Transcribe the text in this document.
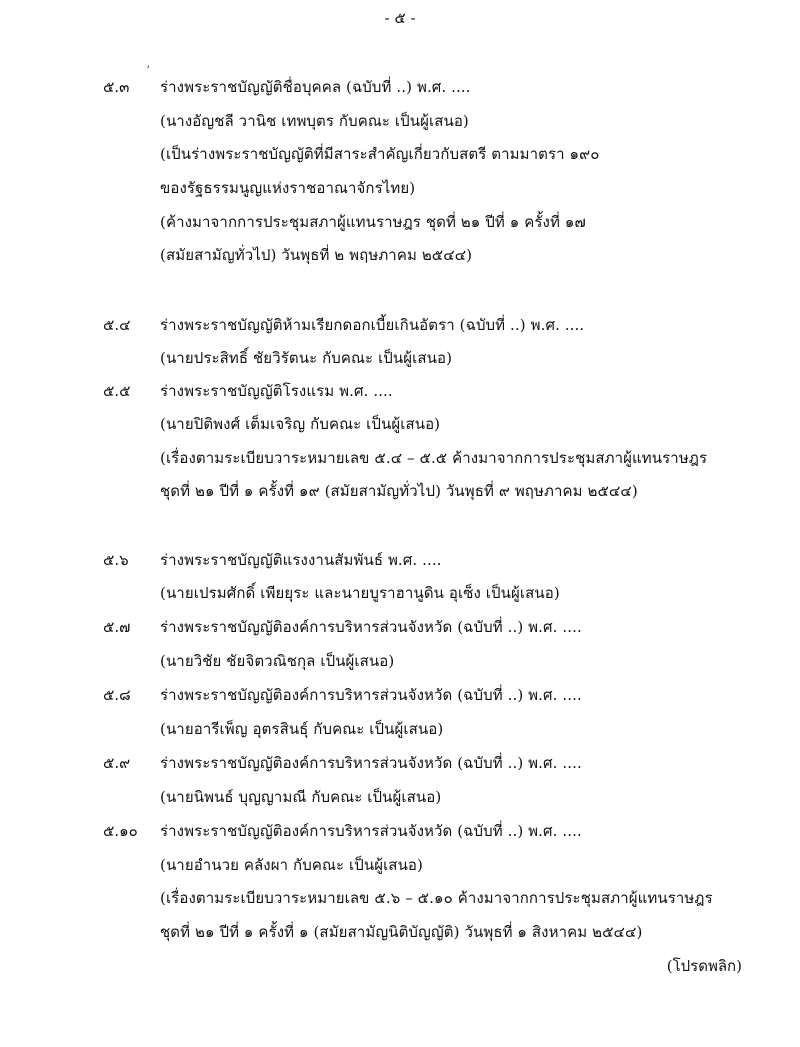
- ๕ -
ʼ
๕.๓ ร่างพระราชบัญญัติชื่อบุคคล (ฉบับที่ ..) พ.ศ. ....
(นางอัญชลี วานิช เทพบุตร กับคณะ เป็นผู้เสนอ)
(เป็นร่างพระราชบัญญัติที่มีสาระสำคัญเกี่ยวกับสตรี ตามมาตรา ๑๙๐
ของรัฐธรรมนูญแห่งราชอาณาจักรไทย)
(ค้างมาจากการประชุมสภาผู้แทนราษฎร ชุดที่ ๒๑ ปีที่ ๑ ครั้งที่ ๑๗
(สมัยสามัญทั่วไป) วันพุธที่ ๒ พฤษภาคม ๒๕๔๔)
๕.๔ ร่างพระราชบัญญัติห้ามเรียกดอกเบี้ยเกินอัตรา (ฉบับที่ ..) พ.ศ. ....
(นายประสิทธิ์ ชัยวิรัตนะ กับคณะ เป็นผู้เสนอ)
๕.๕ ร่างพระราชบัญญัติโรงแรม พ.ศ. ....
(นายปิติพงศ์ เต็มเจริญ กับคณะ เป็นผู้เสนอ)
(เรื่องตามระเบียบวาระหมายเลข ๕.๔ – ๕.๕ ค้างมาจากการประชุมสภาผู้แทนราษฎร
ชุดที่ ๒๑ ปีที่ ๑ ครั้งที่ ๑๙ (สมัยสามัญทั่วไป) วันพุธที่ ๙ พฤษภาคม ๒๕๔๔)
๕.๖ ร่างพระราชบัญญัติแรงงานสัมพันธ์ พ.ศ. ....
(นายเปรมศักดิ์ เพียยุระ และนายบูราฮานูดิน อุเซ็ง เป็นผู้เสนอ)
๕.๗ ร่างพระราชบัญญัติองค์การบริหารส่วนจังหวัด (ฉบับที่ ..) พ.ศ. ....
(นายวิชัย ชัยจิตวณิชกุล เป็นผู้เสนอ)
๕.๘ ร่างพระราชบัญญัติองค์การบริหารส่วนจังหวัด (ฉบับที่ ..) พ.ศ. ....
(นายอารีเพ็ญ อุตรสินธุ์ กับคณะ เป็นผู้เสนอ)
๕.๙ ร่างพระราชบัญญัติองค์การบริหารส่วนจังหวัด (ฉบับที่ ..) พ.ศ. ....
(นายนิพนธ์ บุญญามณี กับคณะ เป็นผู้เสนอ)
๕.๑๐ ร่างพระราชบัญญัติองค์การบริหารส่วนจังหวัด (ฉบับที่ ..) พ.ศ. ....
(นายอำนวย คลังผา กับคณะ เป็นผู้เสนอ)
(เรื่องตามระเบียบวาระหมายเลข ๕.๖ – ๕.๑๐ ค้างมาจากการประชุมสภาผู้แทนราษฎร
ชุดที่ ๒๑ ปีที่ ๑ ครั้งที่ ๑ (สมัยสามัญนิติบัญญัติ) วันพุธที่ ๑ สิงหาคม ๒๕๔๔)
(โปรดพลิก)
